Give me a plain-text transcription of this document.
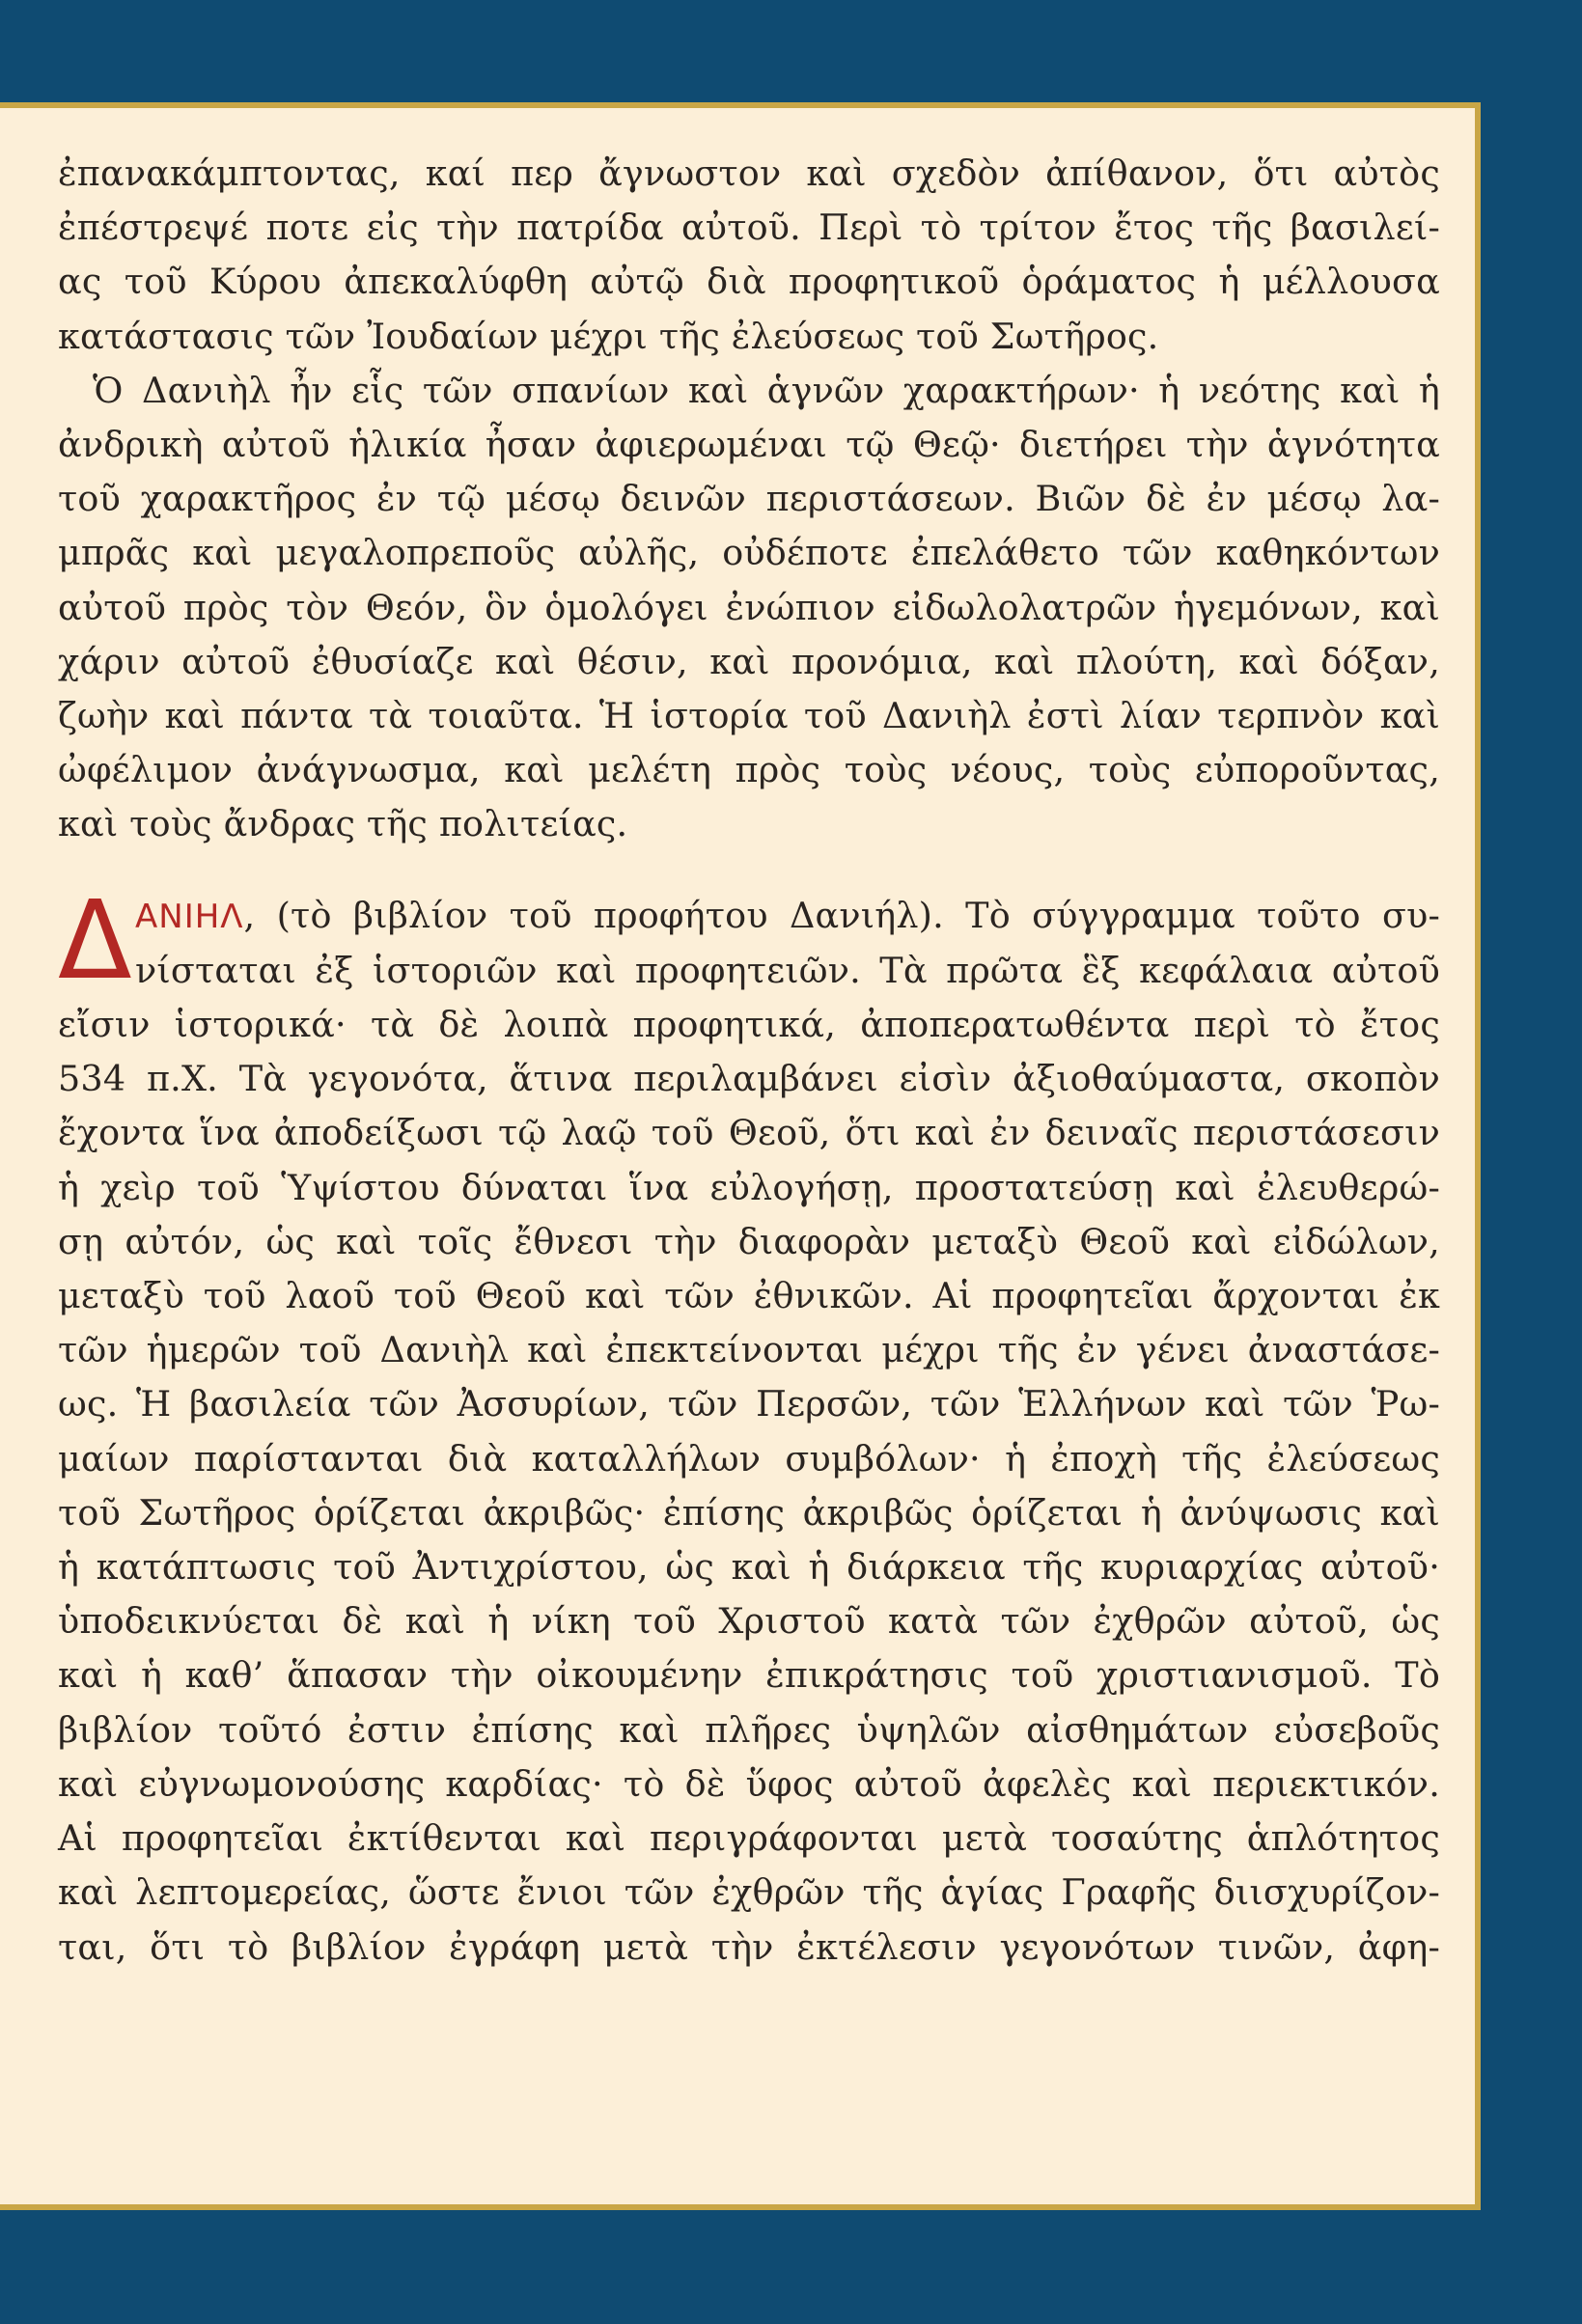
ἐπανακάμπτοντας, καί περ ἄγνωστον καὶ σχεδὸν ἀπίθανον, ὅτι αὐτὸς
ἐπέστρεψέ ποτε εἰς τὴν πατρίδα αὐτοῦ. Περὶ τὸ τρίτον ἔτος τῆς βασιλεί-
ας τοῦ Κύρου ἀπεκαλύφθη αὐτῷ διὰ προφητικοῦ ὁράματος ἡ μέλλουσα
κατάστασις τῶν Ἰουδαίων μέχρι τῆς ἐλεύσεως τοῦ Σωτῆρος.
Ὁ Δανιὴλ ἦν εἷς τῶν σπανίων καὶ ἁγνῶν χαρακτήρων· ἡ νεότης καὶ ἡ
ἀνδρικὴ αὐτοῦ ἡλικία ἦσαν ἀφιερωμέναι τῷ Θεῷ· διετήρει τὴν ἁγνότητα
τοῦ χαρακτῆρος ἐν τῷ μέσῳ δεινῶν περιστάσεων. Βιῶν δὲ ἐν μέσῳ λα-
μπρᾶς καὶ μεγαλοπρεποῦς αὐλῆς, οὐδέποτε ἐπελάθετο τῶν καθηκόντων
αὐτοῦ πρὸς τὸν Θεόν, ὃν ὁμολόγει ἐνώπιον εἰδωλολατρῶν ἡγεμόνων, καὶ
χάριν αὐτοῦ ἐθυσίαζε καὶ θέσιν, καὶ προνόμια, καὶ πλούτη, καὶ δόξαν,
ζωὴν καὶ πάντα τὰ τοιαῦτα. Ἡ ἱστορία τοῦ Δανιὴλ ἐστὶ λίαν τερπνὸν καὶ
ὠφέλιμον ἀνάγνωσμα, καὶ μελέτη πρὸς τοὺς νέους, τοὺς εὐποροῦντας,
καὶ τοὺς ἄνδρας τῆς πολιτείας.
Δ ΑΝΙΗΛ, (τὸ βιβλίον τοῦ προφήτου Δανιήλ). Τὸ σύγγραμμα τοῦτο συ-
νίσταται ἐξ ἱστοριῶν καὶ προφητειῶν. Τὰ πρῶτα ἓξ κεφάλαια αὐτοῦ
εἴσιν ἱστορικά· τὰ δὲ λοιπὰ προφητικά, ἀποπερατωθέντα περὶ τὸ ἔτος
534 π.Χ. Τὰ γεγονότα, ἅτινα περιλαμβάνει εἰσὶν ἀξιοθαύμαστα, σκοπὸν
ἔχοντα ἵνα ἀποδείξωσι τῷ λαῷ τοῦ Θεοῦ, ὅτι καὶ ἐν δειναῖς περιστάσεσιν
ἡ χεὶρ τοῦ Ὑψίστου δύναται ἵνα εὐλογήσῃ, προστατεύσῃ καὶ ἐλευθερώ-
σῃ αὐτόν, ὡς καὶ τοῖς ἔθνεσι τὴν διαφορὰν μεταξὺ Θεοῦ καὶ εἰδώλων,
μεταξὺ τοῦ λαοῦ τοῦ Θεοῦ καὶ τῶν ἐθνικῶν. Αἱ προφητεῖαι ἄρχονται ἐκ
τῶν ἡμερῶν τοῦ Δανιὴλ καὶ ἐπεκτείνονται μέχρι τῆς ἐν γένει ἀναστάσε-
ως. Ἡ βασιλεία τῶν Ἀσσυρίων, τῶν Περσῶν, τῶν Ἑλλήνων καὶ τῶν Ῥω-
μαίων παρίστανται διὰ καταλλήλων συμβόλων· ἡ ἐποχὴ τῆς ἐλεύσεως
τοῦ Σωτῆρος ὁρίζεται ἀκριβῶς· ἐπίσης ἀκριβῶς ὁρίζεται ἡ ἀνύψωσις καὶ
ἡ κατάπτωσις τοῦ Ἀντιχρίστου, ὡς καὶ ἡ διάρκεια τῆς κυριαρχίας αὐτοῦ·
ὑποδεικνύεται δὲ καὶ ἡ νίκη τοῦ Χριστοῦ κατὰ τῶν ἐχθρῶν αὐτοῦ, ὡς
καὶ ἡ καθ’ ἅπασαν τὴν οἰκουμένην ἐπικράτησις τοῦ χριστιανισμοῦ. Τὸ
βιβλίον τοῦτό ἐστιν ἐπίσης καὶ πλῆρες ὑψηλῶν αἰσθημάτων εὐσεβοῦς
καὶ εὐγνωμονούσης καρδίας· τὸ δὲ ὕφος αὐτοῦ ἀφελὲς καὶ περιεκτικόν.
Αἱ προφητεῖαι ἐκτίθενται καὶ περιγράφονται μετὰ τοσαύτης ἁπλότητος
καὶ λεπτομερείας, ὥστε ἔνιοι τῶν ἐχθρῶν τῆς ἁγίας Γραφῆς διισχυρίζον-
ται, ὅτι τὸ βιβλίον ἐγράφη μετὰ τὴν ἐκτέλεσιν γεγονότων τινῶν, ἀφη-
